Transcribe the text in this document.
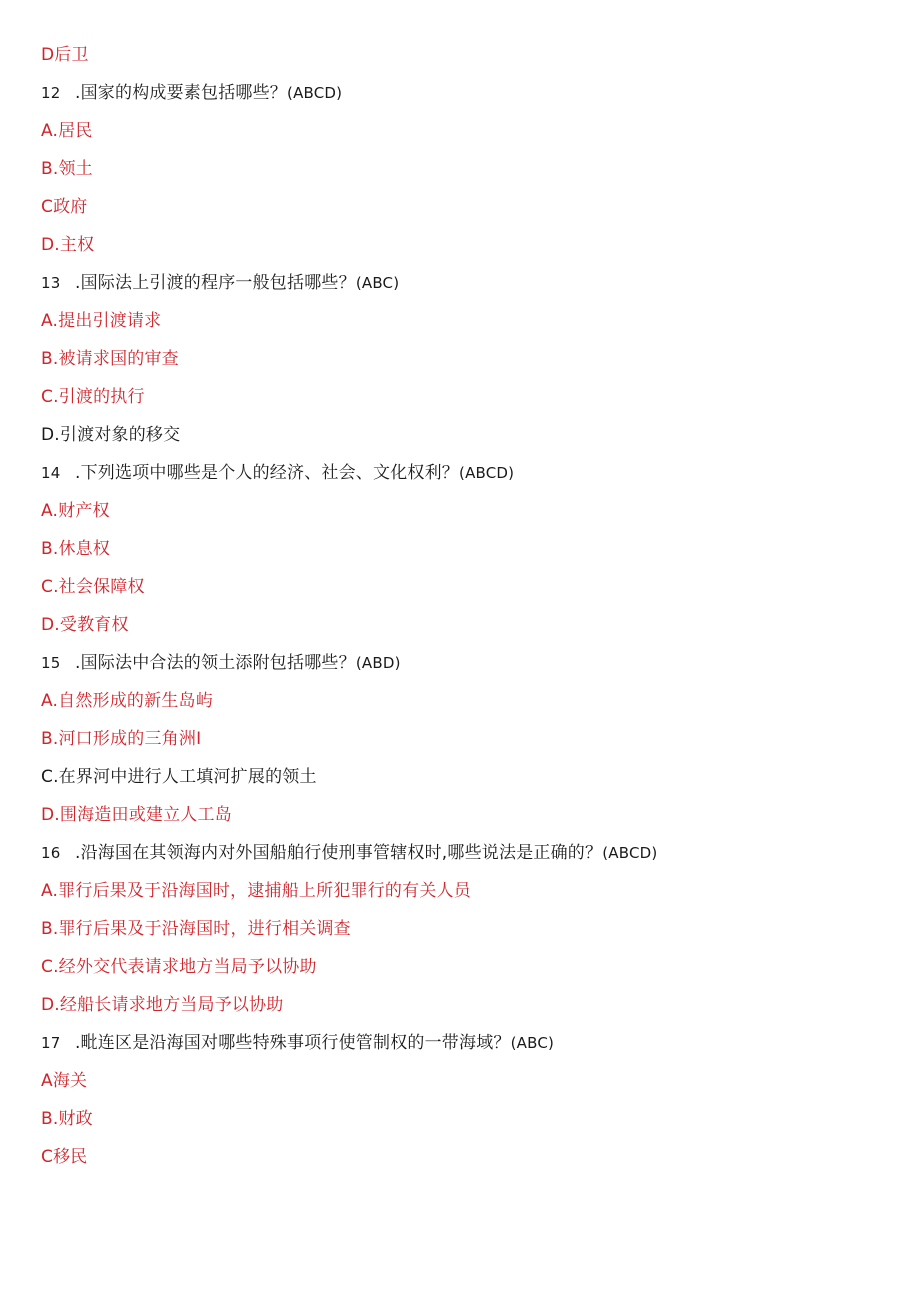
D后卫
12 .国家的构成要素包括哪些？(ABCD)
A.居民
B.领土
C政府
D.主权
13 .国际法上引渡的程序一般包括哪些？(ABC)
A.提出引渡请求
B.被请求国的审查
C.引渡的执行
D.引渡对象的移交
14 .下列选项中哪些是个人的经济、社会、文化权利？(ABCD)
A.财产权
B.休息权
C.社会保障权
D.受教育权
15 .国际法中合法的领土添附包括哪些？(ABD)
A.自然形成的新生岛屿
B.河口形成的三角洲I
C.在界河中进行人工填河扩展的领土
D.围海造田或建立人工岛
16 .沿海国在其领海内对外国船舶行使刑事管辖权时,哪些说法是正确的？(ABCD)
A.罪行后果及于沿海国时，逮捕船上所犯罪行的有关人员
B.罪行后果及于沿海国时，进行相关调查
C.经外交代表请求地方当局予以协助
D.经船长请求地方当局予以协助
17 .毗连区是沿海国对哪些特殊事项行使管制权的一带海域？(ABC)
A海关
B.财政
C移民
